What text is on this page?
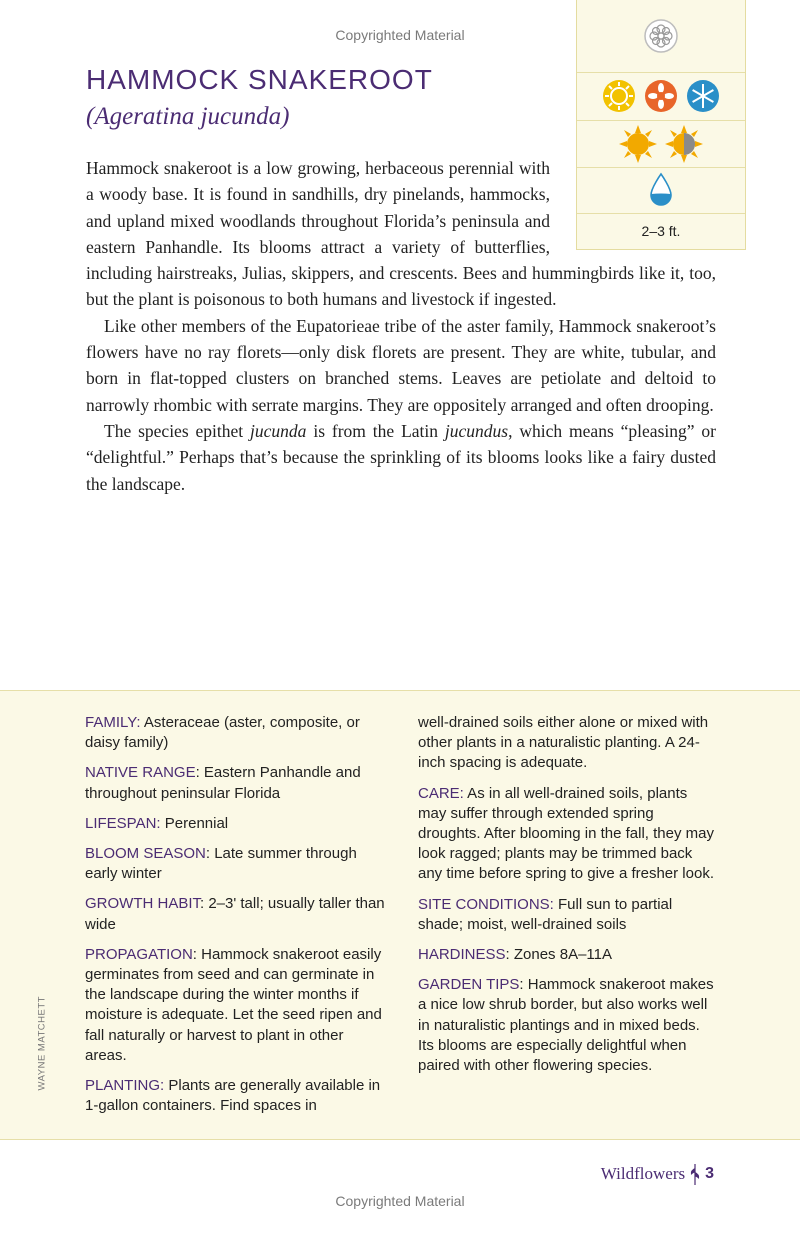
Copyrighted Material
HAMMOCK SNAKEROOT
(Ageratina jucunda)
2–3 ft.

Hammock snakeroot is a low growing, herbaceous perennial with a woody base. It is found in sandhills, dry pinelands, hammocks, and upland mixed woodlands throughout Florida’s peninsula and eastern Panhandle. Its blooms attract a variety of butterflies, including hairstreaks, Julias, skippers, and crescents. Bees and hummingbirds like it, too, but the plant is poisonous to both humans and livestock if ingested.

Like other members of the Eupatorieae tribe of the aster family, Hammock snakeroot’s flowers have no ray florets—only disk florets are present. They are white, tubular, and born in flat-topped clusters on branched stems. Leaves are petiolate and deltoid to narrowly rhombic with serrate margins. They are oppositely arranged and often drooping.

The species epithet jucunda is from the Latin jucundus, which means “pleasing” or “delightful.” Perhaps that’s because the sprinkling of its blooms looks like a fairy dusted the landscape.

FAMILY: Asteraceae (aster, composite, or daisy family)

NATIVE RANGE: Eastern Panhandle and throughout peninsular Florida

LIFESPAN: Perennial

BLOOM SEASON: Late summer through early winter

GROWTH HABIT: 2–3' tall; usually taller than wide

PROPAGATION: Hammock snakeroot easily germinates from seed and can germinate in the landscape during the winter months if moisture is adequate. Let the seed ripen and fall naturally or harvest to plant in other areas.

PLANTING: Plants are generally available in 1-gallon containers. Find spaces in

well-drained soils either alone or mixed with other plants in a naturalistic planting. A 24-inch spacing is adequate.

CARE: As in all well-drained soils, plants may suffer through extended spring droughts. After blooming in the fall, they may look ragged; plants may be trimmed back any time before spring to give a fresher look.

SITE CONDITIONS: Full sun to partial shade; moist, well-drained soils

HARDINESS: Zones 8A–11A

GARDEN TIPS: Hammock snakeroot makes a nice low shrub border, but also works well in naturalistic plantings and in mixed beds. Its blooms are especially delightful when paired with other flowering species.

WAYNE MATCHETT
Wildflowers 3
Copyrighted Material
